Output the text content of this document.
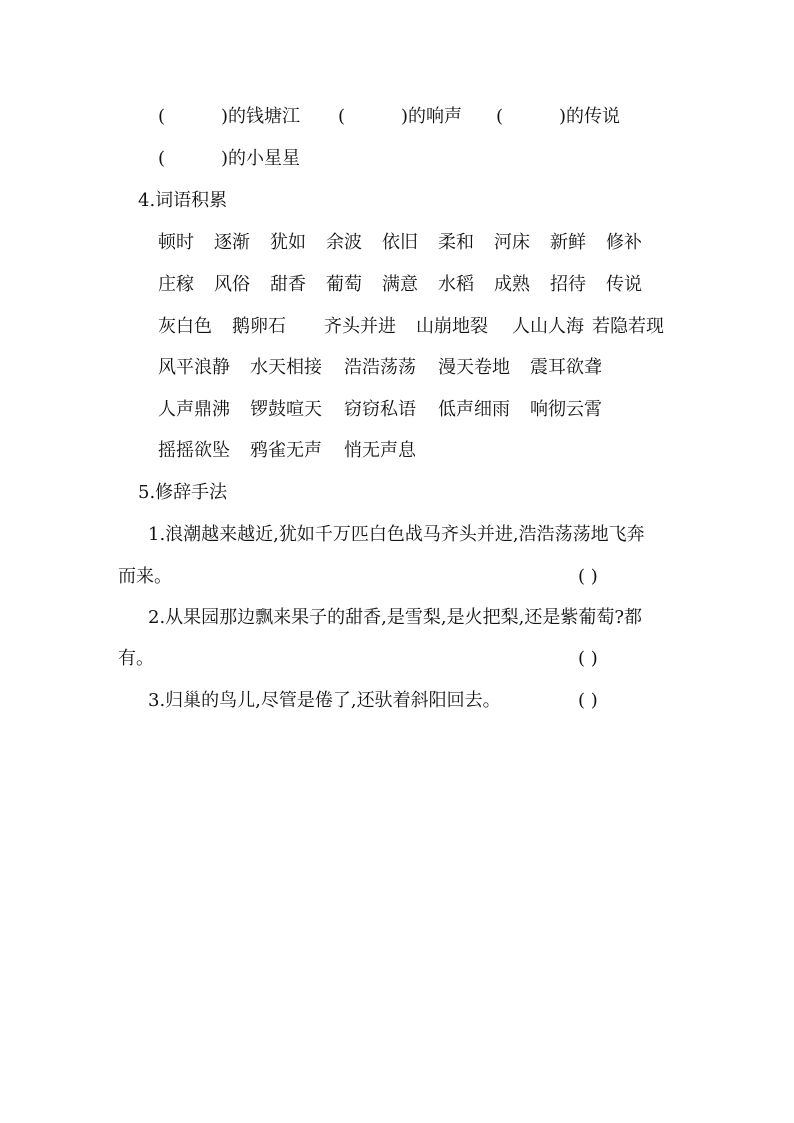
(	)的钱塘江 (	)的响声 (	)的传说
(	)的小星星
4.词语积累
顿时 逐渐 犹如 余波 依旧 柔和 河床 新鲜 修补
庄稼 风俗 甜香 葡萄 满意 水稻 成熟 招待 传说
灰白色 鹅卵石 齐头并进 山崩地裂 人山人海 若隐若现
风平浪静 水天相接 浩浩荡荡 漫天卷地 震耳欲聋
人声鼎沸 锣鼓喧天 窃窃私语 低声细雨 响彻云霄
摇摇欲坠 鸦雀无声 悄无声息
5.修辞手法
1.浪潮越来越近,犹如千万匹白色战马齐头并进,浩浩荡荡地飞奔
而来。	( )
2.从果园那边飘来果子的甜香,是雪梨,是火把梨,还是紫葡萄?都
有。	( )
3.归巢的鸟儿,尽管是倦了,还驮着斜阳回去。	( )
